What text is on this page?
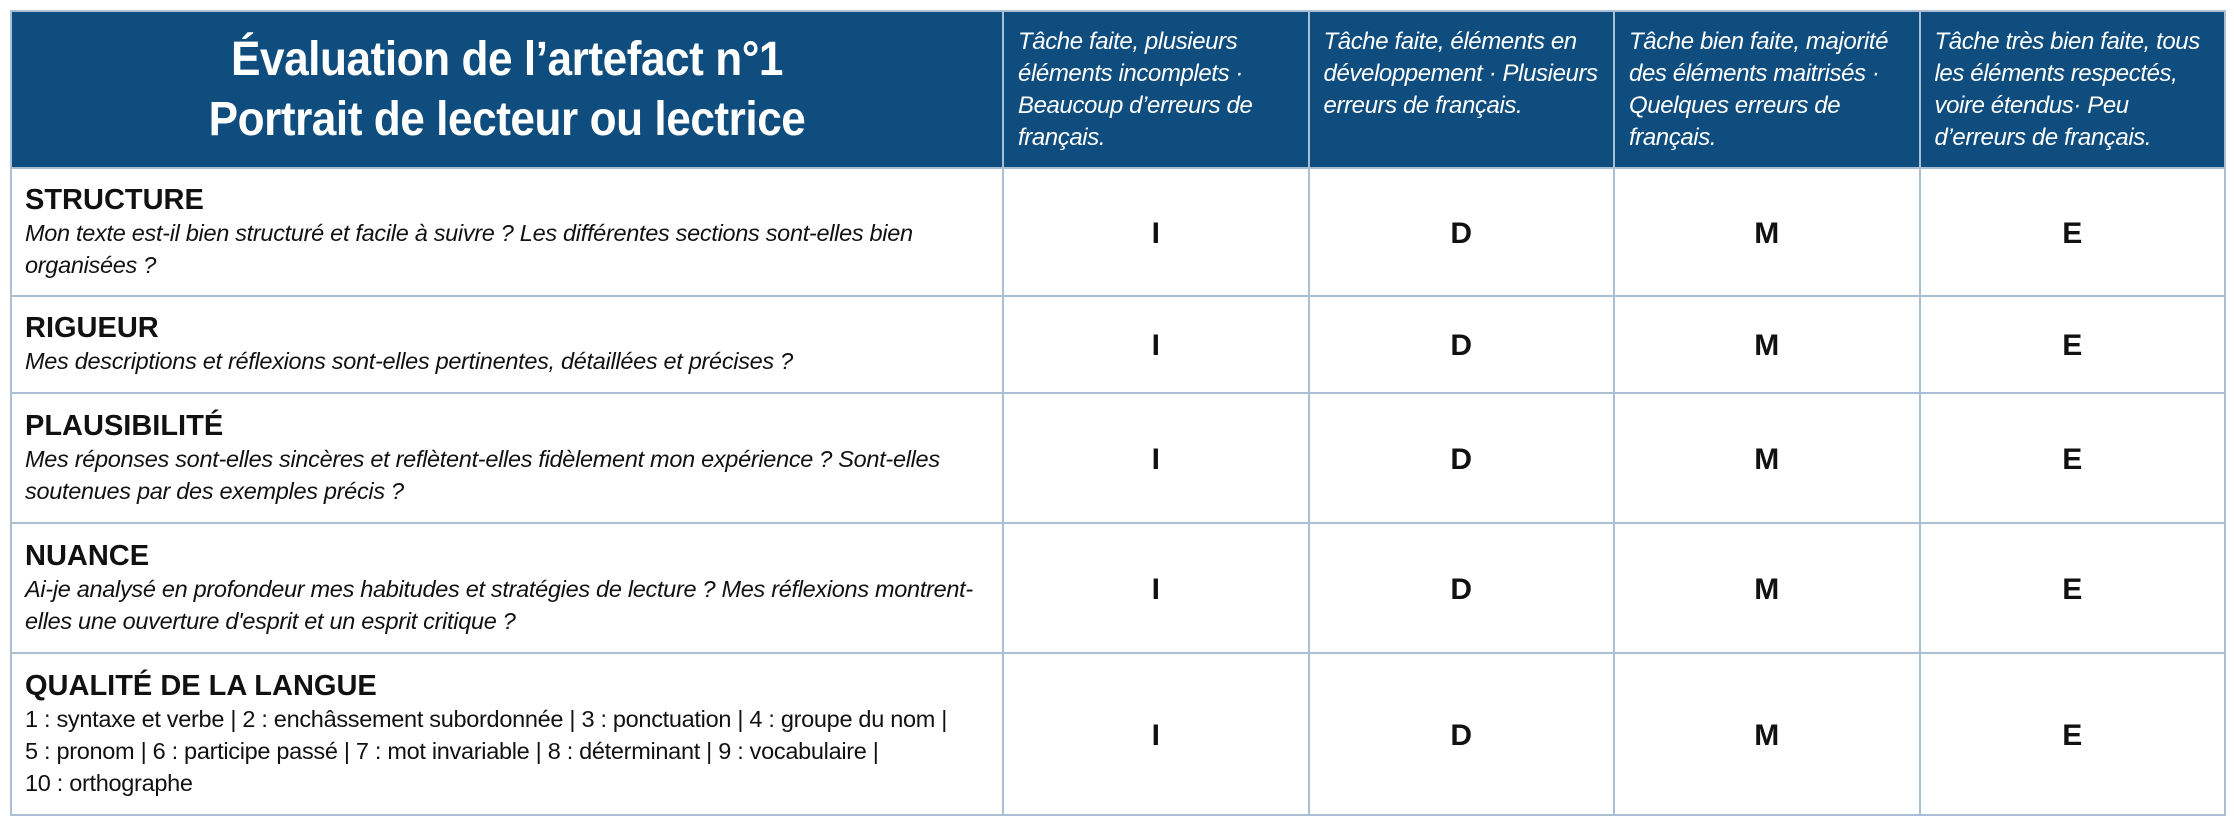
Évaluation de l’artefact n°1
Portrait de lecteur ou lectrice	Tâche faite, plusieurs éléments incomplets · Beaucoup d’erreurs de français.	Tâche faite, éléments en développement · Plusieurs erreurs de français.	Tâche bien faite, majorité des éléments maitrisés · Quelques erreurs de français.	Tâche très bien faite, tous les éléments respectés, voire étendus· Peu d’erreurs de français.

STRUCTURE
Mon texte est-il bien structuré et facile à suivre ? Les différentes sections sont-elles bien organisées ?	I	D	M	E

RIGUEUR
Mes descriptions et réflexions sont-elles pertinentes, détaillées et précises ?	I	D	M	E

PLAUSIBILITÉ
Mes réponses sont-elles sincères et reflètent-elles fidèlement mon expérience ? Sont-elles soutenues par des exemples précis ?	I	D	M	E

NUANCE
Ai-je analysé en profondeur mes habitudes et stratégies de lecture ? Mes réflexions montrent-elles une ouverture d'esprit et un esprit critique ?	I	D	M	E

QUALITÉ DE LA LANGUE
1 : syntaxe et verbe | 2 : enchâssement subordonnée | 3 : ponctuation | 4 : groupe du nom |
5 : pronom | 6 : participe passé | 7 : mot invariable | 8 : déterminant | 9 : vocabulaire |
10 : orthographe	I	D	M	E
